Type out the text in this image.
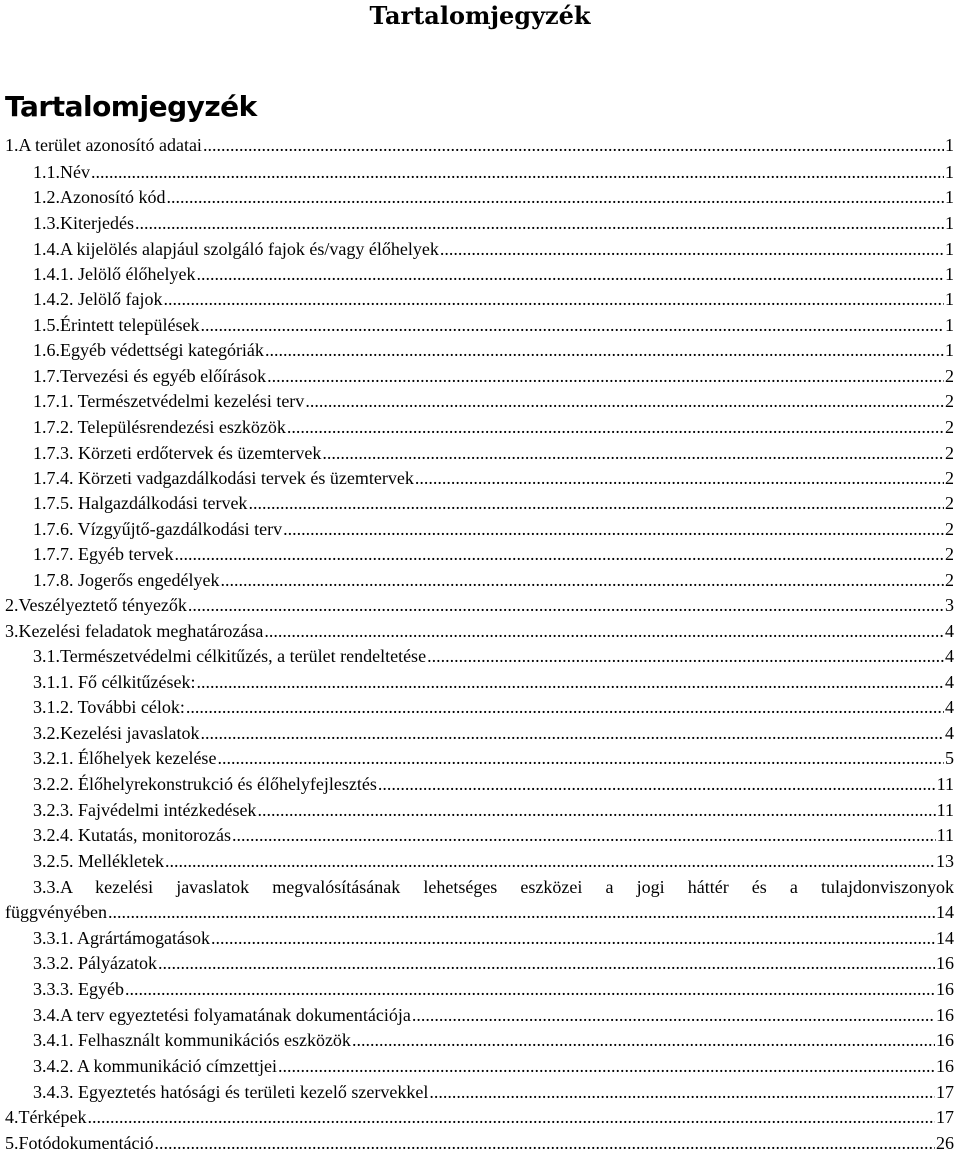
Tartalomjegyzék
Tartalomjegyzék
1.A terület azonosító adatai .....	1
1.1.Név .....	1
1.2.Azonosító kód .....	1
1.3.Kiterjedés .....	1
1.4.A kijelölés alapjául szolgáló fajok és/vagy élőhelyek .....	1
1.4.1. Jelölő élőhelyek .....	1
1.4.2. Jelölő fajok .....	1
1.5.Érintett települések .....	1
1.6.Egyéb védettségi kategóriák .....	1
1.7.Tervezési és egyéb előírások .....	2
1.7.1. Természetvédelmi kezelési terv .....	2
1.7.2. Településrendezési eszközök .....	2
1.7.3. Körzeti erdőtervek és üzemtervek .....	2
1.7.4. Körzeti vadgazdálkodási tervek és üzemtervek .....	2
1.7.5. Halgazdálkodási tervek .....	2
1.7.6. Vízgyűjtő-gazdálkodási terv .....	2
1.7.7. Egyéb tervek .....	2
1.7.8. Jogerős engedélyek .....	2
2.Veszélyeztető tényezők .....	3
3.Kezelési feladatok meghatározása .....	4
3.1.Természetvédelmi célkitűzés, a terület rendeltetése .....	4
3.1.1. Fő célkitűzések: .....	4
3.1.2. További célok: .....	4
3.2.Kezelési javaslatok .....	4
3.2.1. Élőhelyek kezelése .....	5
3.2.2. Élőhelyrekonstrukció és élőhelyfejlesztés .....	11
3.2.3. Fajvédelmi intézkedések .....	11
3.2.4. Kutatás, monitorozás .....	11
3.2.5. Mellékletek .....	13
3.3.A kezelési javaslatok megvalósításának lehetséges eszközei a jogi háttér és a tulajdonviszonyok
függvényében .....	14
3.3.1. Agrártámogatások .....	14
3.3.2. Pályázatok .....	16
3.3.3. Egyéb .....	16
3.4.A terv egyeztetési folyamatának dokumentációja .....	16
3.4.1. Felhasznált kommunikációs eszközök .....	16
3.4.2. A kommunikáció címzettjei .....	16
3.4.3. Egyeztetés hatósági és területi kezelő szervekkel .....	17
4.Térképek .....	17
5.Fotódokumentáció .....	26
